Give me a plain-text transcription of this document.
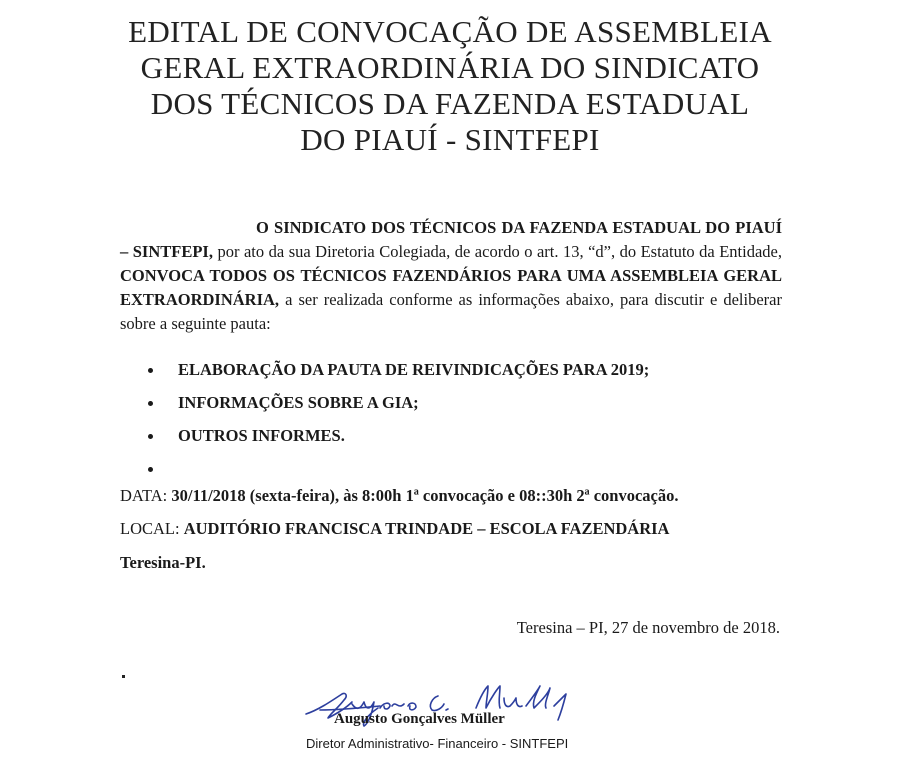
EDITAL DE CONVOCAÇÃO DE ASSEMBLEIA
GERAL EXTRAORDINÁRIA DO SINDICATO
DOS TÉCNICOS DA FAZENDA ESTADUAL
DO PIAUÍ - SINTFEPI
O SINDICATO DOS TÉCNICOS DA FAZENDA ESTADUAL DO PIAUÍ – SINTFEPI, por ato da sua Diretoria Colegiada, de acordo o art. 13, “d”, do Estatuto da Entidade, CONVOCA TODOS OS TÉCNICOS FAZENDÁRIOS PARA UMA ASSEMBLEIA GERAL EXTRAORDINÁRIA, a ser realizada conforme as informações abaixo, para discutir e deliberar sobre a seguinte pauta:
ELABORAÇÃO DA PAUTA DE REIVINDICAÇÕES PARA 2019;
INFORMAÇÕES SOBRE A GIA;
OUTROS INFORMES.
DATA: 30/11/2018 (sexta-feira), às 8:00h 1ª convocação e 08::30h 2ª convocação.
LOCAL: AUDITÓRIO FRANCISCA TRINDADE – ESCOLA FAZENDÁRIA
Teresina-PI.
Teresina – PI, 27 de novembro de 2018.
Augusto Gonçalves Müller
Diretor Administrativo- Financeiro - SINTFEPI
